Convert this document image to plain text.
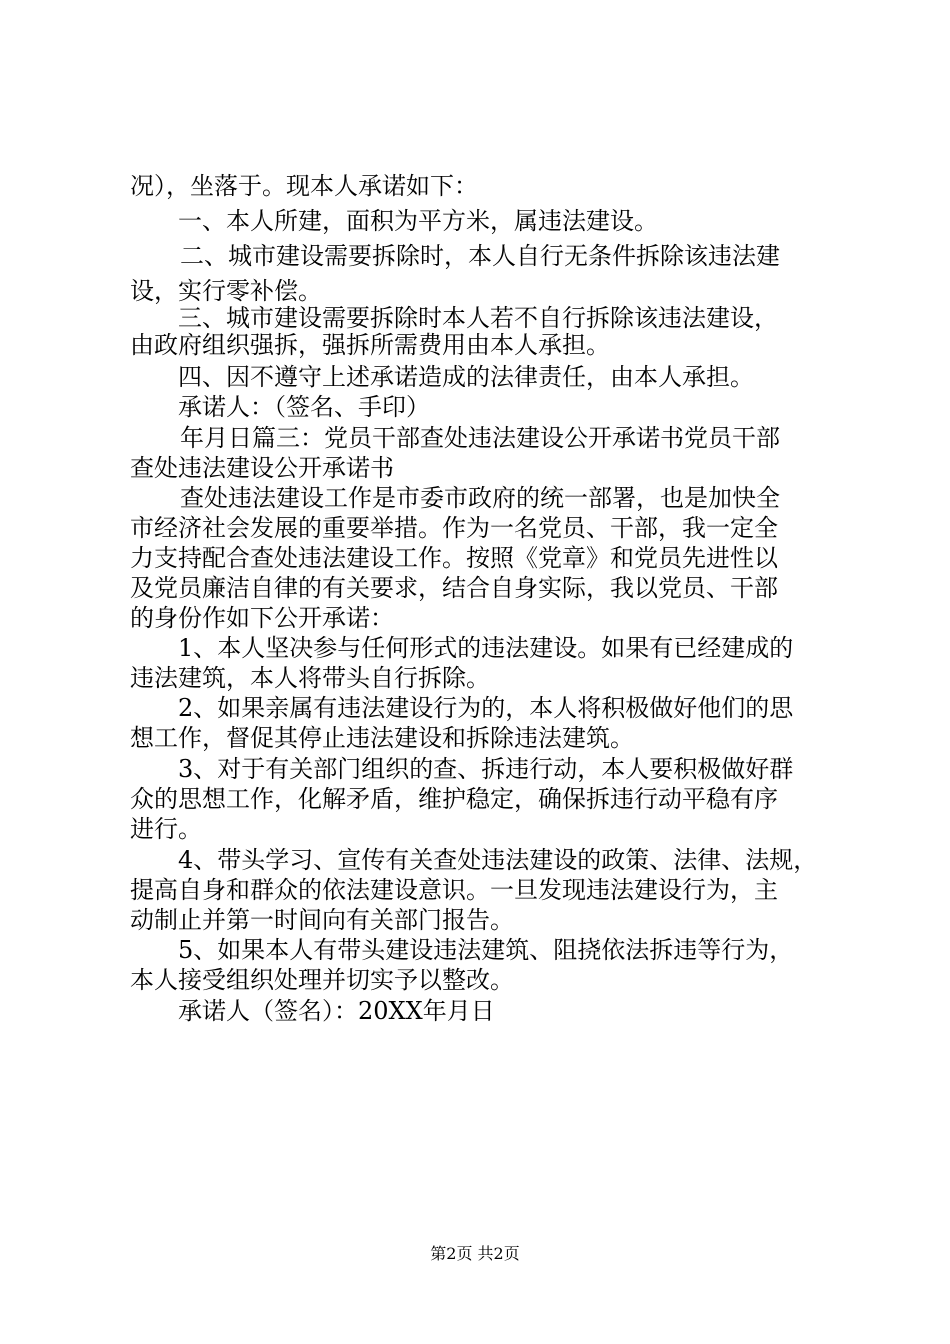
况），坐落于。现本人承诺如下：
一、本人所建，面积为平方米，属违法建设。
二、城市建设需要拆除时，本人自行无条件拆除该违法建
设，实行零补偿。
三、城市建设需要拆除时本人若不自行拆除该违法建设，
由政府组织强拆，强拆所需费用由本人承担。
四、因不遵守上述承诺造成的法律责任，由本人承担。
承诺人：（签名、手印）
年月日篇三：党员干部查处违法建设公开承诺书党员干部
查处违法建设公开承诺书
查处违法建设工作是市委市政府的统一部署，也是加快全
市经济社会发展的重要举措。作为一名党员、干部，我一定全
力支持配合查处违法建设工作。按照《党章》和党员先进性以
及党员廉洁自律的有关要求，结合自身实际，我以党员、干部
的身份作如下公开承诺：
1、本人坚决参与任何形式的违法建设。如果有已经建成的
违法建筑，本人将带头自行拆除。
2、如果亲属有违法建设行为的，本人将积极做好他们的思
想工作，督促其停止违法建设和拆除违法建筑。
3、对于有关部门组织的查、拆违行动，本人要积极做好群
众的思想工作，化解矛盾，维护稳定，确保拆违行动平稳有序
进行。
4、带头学习、宣传有关查处违法建设的政策、法律、法规，
提高自身和群众的依法建设意识。一旦发现违法建设行为，主
动制止并第一时间向有关部门报告。
5、如果本人有带头建设违法建筑、阻挠依法拆违等行为，
本人接受组织处理并切实予以整改。
承诺人（签名）：20XX年月日
第2页 共2页
